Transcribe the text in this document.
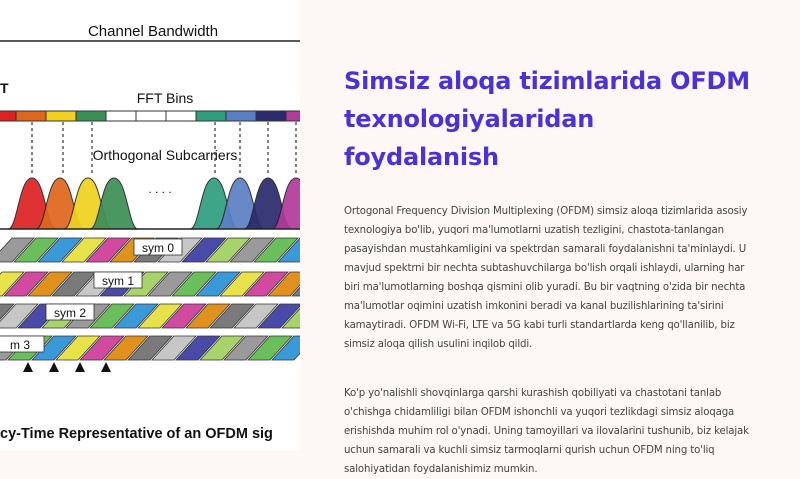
Channel Bandwidth
T
FFT Bins
Orthogonal Subcarriers
. . . .
sym 0
sym 1
sym 2
m 3
cy-Time Representative of an OFDM sig
Simsiz aloqa tizimlarida OFDM texnologiyalaridan foydalanish

Ortogonal Frequency Division Multiplexing (OFDM) simsiz aloqa tizimlarida asosiy texnologiya bo'lib, yuqori ma'lumotlarni uzatish tezligini, chastota-tanlangan pasayishdan mustahkamligini va spektrdan samarali foydalanishni ta'minlaydi. U mavjud spektrni bir nechta subtashuvchilarga bo'lish orqali ishlaydi, ularning har biri ma'lumotlarning boshqa qismini olib yuradi. Bu bir vaqtning o'zida bir nechta ma'lumotlar oqimini uzatish imkonini beradi va kanal buzilishlarining ta'sirini kamaytiradi. OFDM Wi-Fi, LTE va 5G kabi turli standartlarda keng qo'llanilib, biz simsiz aloqa qilish usulini inqilob qildi.

Ko'p yo'nalishli shovqinlarga qarshi kurashish qobiliyati va chastotani tanlab o'chishga chidamliligi bilan OFDM ishonchli va yuqori tezlikdagi simsiz aloqaga erishishda muhim rol o'ynadi. Uning tamoyillari va ilovalarini tushunib, biz kelajak uchun samarali va kuchli simsiz tarmoqlarni qurish uchun OFDM ning to'liq salohiyatidan foydalanishimiz mumkin.
